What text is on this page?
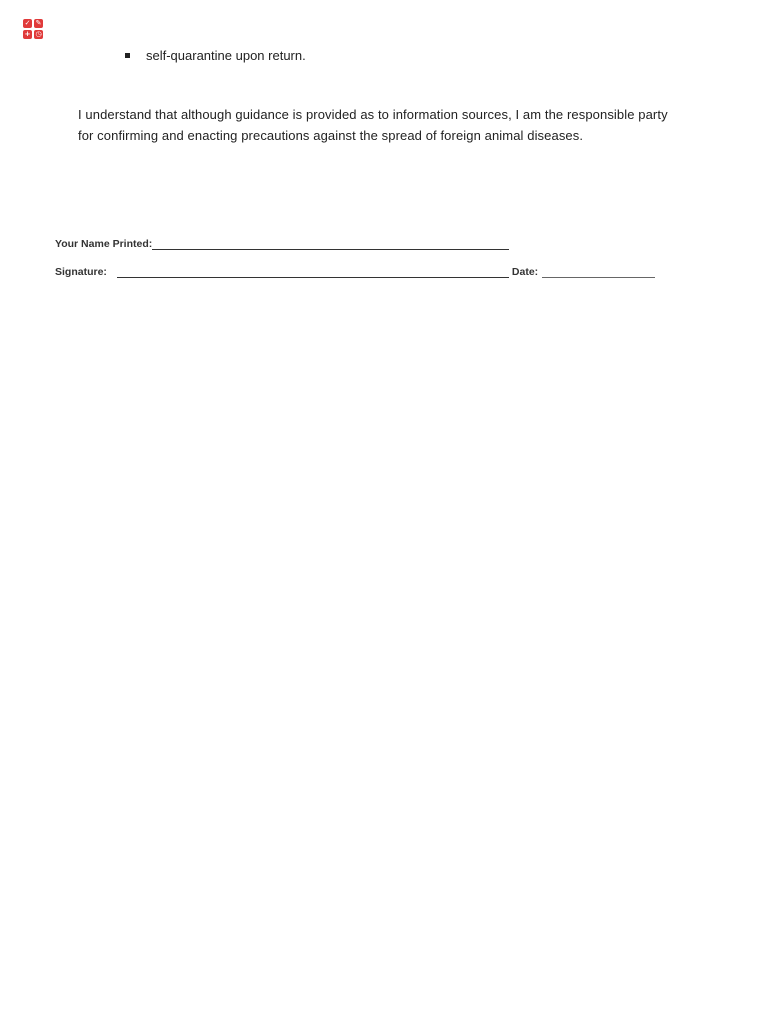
✓ ✎
+ ◷
self-quarantine upon return.
I understand that although guidance is provided as to information sources, I am the responsible party for confirming and enacting precautions against the spread of foreign animal diseases.
Your Name Printed:
Signature:	Date:
